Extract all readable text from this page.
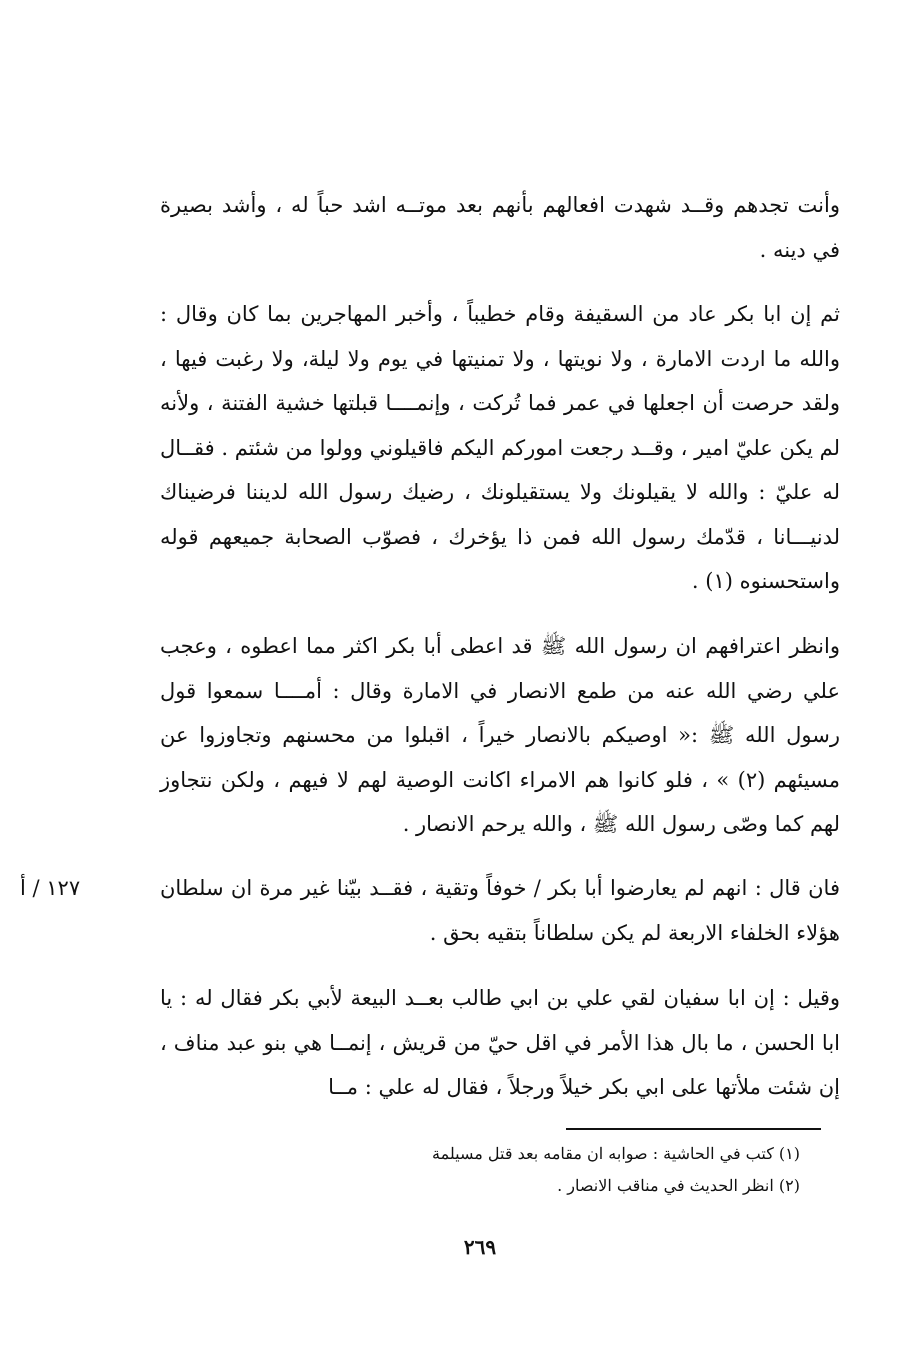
وأنت تجدهم وقــد شهدت افعالهم بأنهم بعد موتــه اشد حباً له ، وأشد بصيرة في دينه .

ثم إن ابا بكر عاد من السقيفة وقام خطيباً ، وأخبر المهاجرين بما كان وقال : والله ما اردت الامارة ، ولا نويتها ، ولا تمنيتها في يوم ولا ليلة، ولا رغبت فيها ، ولقد حرصت أن اجعلها في عمر فما تُركت ، وإنمــــا قبلتها خشية الفتنة ، ولأنه لم يكن عليّ امير ، وقــد رجعت اموركم اليكم فاقيلوني وولوا من شئتم . فقــال له عليّ : والله لا يقيلونك ولا يستقيلونك ، رضيك رسول الله لديننا فرضيناك لدنيـــانا ، قدّمك رسول الله فمن ذا يؤخرك ، فصوّب الصحابة جميعهم قوله واستحسنوه (١) .

وانظر اعترافهم ان رسول الله ﷺ قد اعطى أبا بكر اكثر مما اعطوه ، وعجب علي رضي الله عنه من طمع الانصار في الامارة وقال : أمــــا سمعوا قول رسول الله ﷺ :« اوصيكم بالانصار خيراً ، اقبلوا من محسنهم وتجاوزوا عن مسيئهم (٢) » ، فلو كانوا هم الامراء اكانت الوصية لهم لا فيهم ، ولكن نتجاوز لهم كما وصّى رسول الله ﷺ ، والله يرحم الانصار .

فان قال : انهم لم يعارضوا أبا بكر / خوفاً وتقية ، فقــد بيّنا غير مرة ان سلطان هؤلاء الخلفاء الاربعة لم يكن سلطاناً بتقيه بحق .

وقيل : إن ابا سفيان لقي علي بن ابي طالب بعــد البيعة لأبي بكر فقال له : يا ابا الحسن ، ما بال هذا الأمر في اقل حيّ من قريش ، إنمــا هي بنو عبد مناف ، إن شئت ملأتها على ابي بكر خيلاً ورجلاً ، فقال له علي : مــا

١٢٧ / أ
(١) كتب في الحاشية : صوابه ان مقامه بعد قتل مسيلمة
(٢) انظر الحديث في مناقب الانصار .
٢٦٩
